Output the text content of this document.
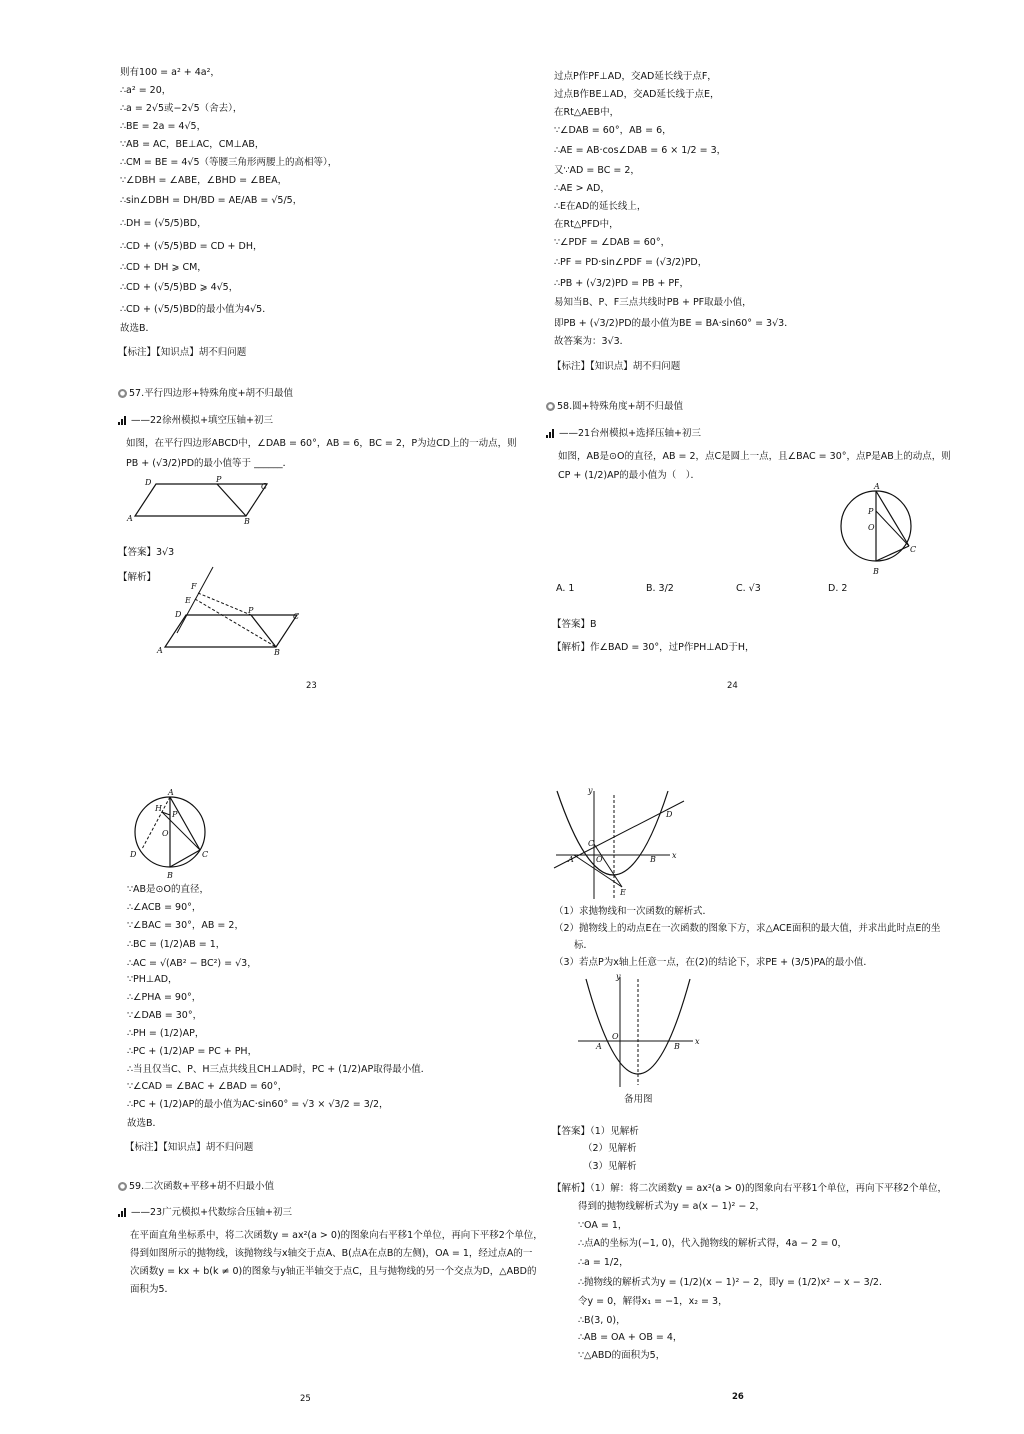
则有100 = a² + 4a²，
∴a² = 20，
∴a = 2√5或−2√5（舍去），
∴BE = 2a = 4√5，
∵AB = AC，BE⊥AC，CM⊥AB，
∴CM = BE = 4√5（等腰三角形两腰上的高相等），
∵∠DBH = ∠ABE，∠BHD = ∠BEA，
∴sin∠DBH = DH/BD = AE/AB = √5/5，
∴DH = (√5/5)BD，
∴CD + (√5/5)BD = CD + DH，
∴CD + DH ⩾ CM，
∴CD + (√5/5)BD ⩾ 4√5，
∴CD + (√5/5)BD的最小值为4√5．
故选B．
【标注】【知识点】胡不归问题
● 57.平行四边形+特殊角度+胡不归最值
——22徐州模拟+填空压轴+初三
如图，在平行四边形ABCD中，∠DAB = 60°，AB = 6，BC = 2，P为边CD上的一动点，则
PB + (√3/2)PD的最小值等于 ______．
A	B
C
D	P
【答案】3√3
【解析】
A	B
C
D	P
E
F
23
过点P作PF⊥AD，交AD延长线于点F，
过点B作BE⊥AD，交AD延长线于点E，
在Rt△AEB中，
∵∠DAB = 60°，AB = 6，
∴AE = AB·cos∠DAB = 6 × 1/2 = 3，
又∵AD = BC = 2，
∴AE > AD，
∴E在AD的延长线上，
在Rt△PFD中，
∵∠PDF = ∠DAB = 60°，
∴PF = PD·sin∠PDF = (√3/2)PD，
∴PB + (√3/2)PD = PB + PF，
易知当B、P、F三点共线时PB + PF取最小值，
即PB + (√3/2)PD的最小值为BE = BA·sin60° = 3√3．
故答案为：3√3．
【标注】【知识点】胡不归问题
● 58.圆+特殊角度+胡不归最值
——21台州模拟+选择压轴+初三
如图，AB是⊙O的直径，AB = 2，点C是圆上一点，且∠BAC = 30°，点P是AB上的动点，则
CP + (1/2)AP的最小值为（　）．
A
B
C
O
P
A. 1	B. 3/2	C. √3	D. 2
【答案】B
【解析】作∠BAD = 30°，过P作PH⊥AD于H，
24
A
B
C
D
H
O
P
∵AB是⊙O的直径，
∴∠ACB = 90°，
∵∠BAC = 30°，AB = 2，
∴BC = (1/2)AB = 1，
∴AC = √(AB² − BC²) = √3，
∵PH⊥AD，
∴∠PHA = 90°，
∵∠DAB = 30°，
∴PH = (1/2)AP，
∴PC + (1/2)AP = PC + PH，
∴当且仅当C、P、H三点共线且CH⊥AD时，PC + (1/2)AP取得最小值．
∵∠CAD = ∠BAC + ∠BAD = 60°，
∴PC + (1/2)AP的最小值为AC·sin60° = √3 × √3/2 = 3/2，
故选B．
【标注】【知识点】胡不归问题
● 59.二次函数+平移+胡不归最小值
——23广元模拟+代数综合压轴+初三
在平面直角坐标系中，将二次函数y = ax²(a > 0)的图象向右平移1个单位，再向下平移2个单位，
得到如图所示的抛物线，该抛物线与x轴交于点A、B(点A在点B的左侧)，OA = 1，经过点A的一
次函数y = kx + b(k ≠ 0)的图象与y轴正半轴交于点C，且与抛物线的另一个交点为D，△ABD的
面积为5．
25
y
x
A	B
C
D
E
O
（1）求抛物线和一次函数的解析式．
（2）抛物线上的动点E在一次函数的图象下方，求△ACE面积的最大值，并求出此时点E的坐
标．
（3）若点P为x轴上任意一点，在(2)的结论下，求PE + (3/5)PA的最小值．
y
x
A	B
O
备用图
【答案】（1）见解析
（2）见解析
（3）见解析
【解析】（1）解：将二次函数y = ax²(a > 0)的图象向右平移1个单位，再向下平移2个单位，
得到的抛物线解析式为y = a(x − 1)² − 2，
∵OA = 1，
∴点A的坐标为(−1, 0)，代入抛物线的解析式得，4a − 2 = 0，
∴a = 1/2，
∴抛物线的解析式为y = (1/2)(x − 1)² − 2，即y = (1/2)x² − x − 3/2．
令y = 0，解得x₁ = −1，x₂ = 3，
∴B(3, 0)，
∴AB = OA + OB = 4，
∵△ABD的面积为5，
26
